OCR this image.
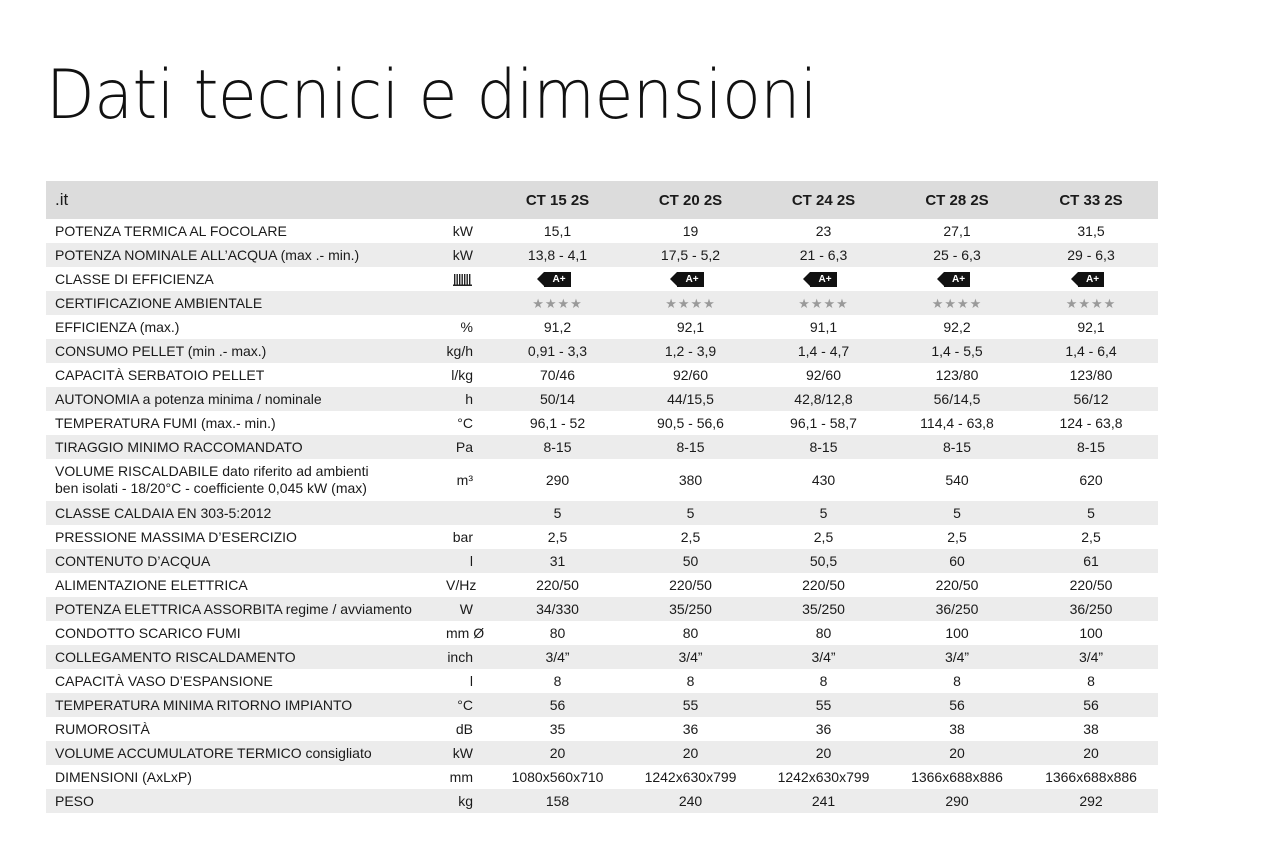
Dati tecnici e dimensioni
.it		CT 15 2S	CT 20 2S	CT 24 2S	CT 28 2S	CT 33 2S

POTENZA TERMICA AL FOCOLARE	kW	15,1	19	23	27,1	31,5

POTENZA NOMINALE ALL’ACQUA (max .- min.)	kW	13,8 - 4,1	17,5 - 5,2	21 - 6,3	25 - 6,3	29 - 6,3

CLASSE DI EFFICIENZA		A+	A+	A+	A+	A+

CERTIFICAZIONE AMBIENTALE		★★★★	★★★★	★★★★	★★★★	★★★★

EFFICIENZA (max.)	%	91,2	92,1	91,1	92,2	92,1

CONSUMO PELLET (min .- max.)	kg/h	0,91 - 3,3	1,2 - 3,9	1,4 - 4,7	1,4 - 5,5	1,4 - 6,4

CAPACITÀ SERBATOIO PELLET	l/kg	70/46	92/60	92/60	123/80	123/80

AUTONOMIA a potenza minima / nominale	h	50/14	44/15,5	42,8/12,8	56/14,5	56/12

TEMPERATURA FUMI (max.- min.)	°C	96,1 - 52	90,5 - 56,6	96,1 - 58,7	114,4 - 63,8	124 - 63,8

TIRAGGIO MINIMO RACCOMANDATO	Pa	8-15	8-15	8-15	8-15	8-15

VOLUME RISCALDABILE dato riferito ad ambienti
ben isolati - 18/20°C - coefficiente 0,045 kW (max)	m³	290	380	430	540	620

CLASSE CALDAIA EN 303-5:2012		5	5	5	5	5

PRESSIONE MASSIMA D’ESERCIZIO	bar	2,5	2,5	2,5	2,5	2,5

CONTENUTO D’ACQUA	l	31	50	50,5	60	61

ALIMENTAZIONE ELETTRICA	V/Hz	220/50	220/50	220/50	220/50	220/50

POTENZA ELETTRICA ASSORBITA regime / avviamento	W	34/330	35/250	35/250	36/250	36/250

CONDOTTO SCARICO FUMI	mm Ø	80	80	80	100	100

COLLEGAMENTO RISCALDAMENTO	inch	3/4”	3/4”	3/4”	3/4”	3/4”

CAPACITÀ VASO D’ESPANSIONE	l	8	8	8	8	8

TEMPERATURA MINIMA RITORNO IMPIANTO	°C	56	55	55	56	56

RUMOROSITÀ	dB	35	36	36	38	38

VOLUME ACCUMULATORE TERMICO consigliato	kW	20	20	20	20	20

DIMENSIONI (AxLxP)	mm	1080x560x710	1242x630x799	1242x630x799	1366x688x886	1366x688x886

PESO	kg	158	240	241	290	292
